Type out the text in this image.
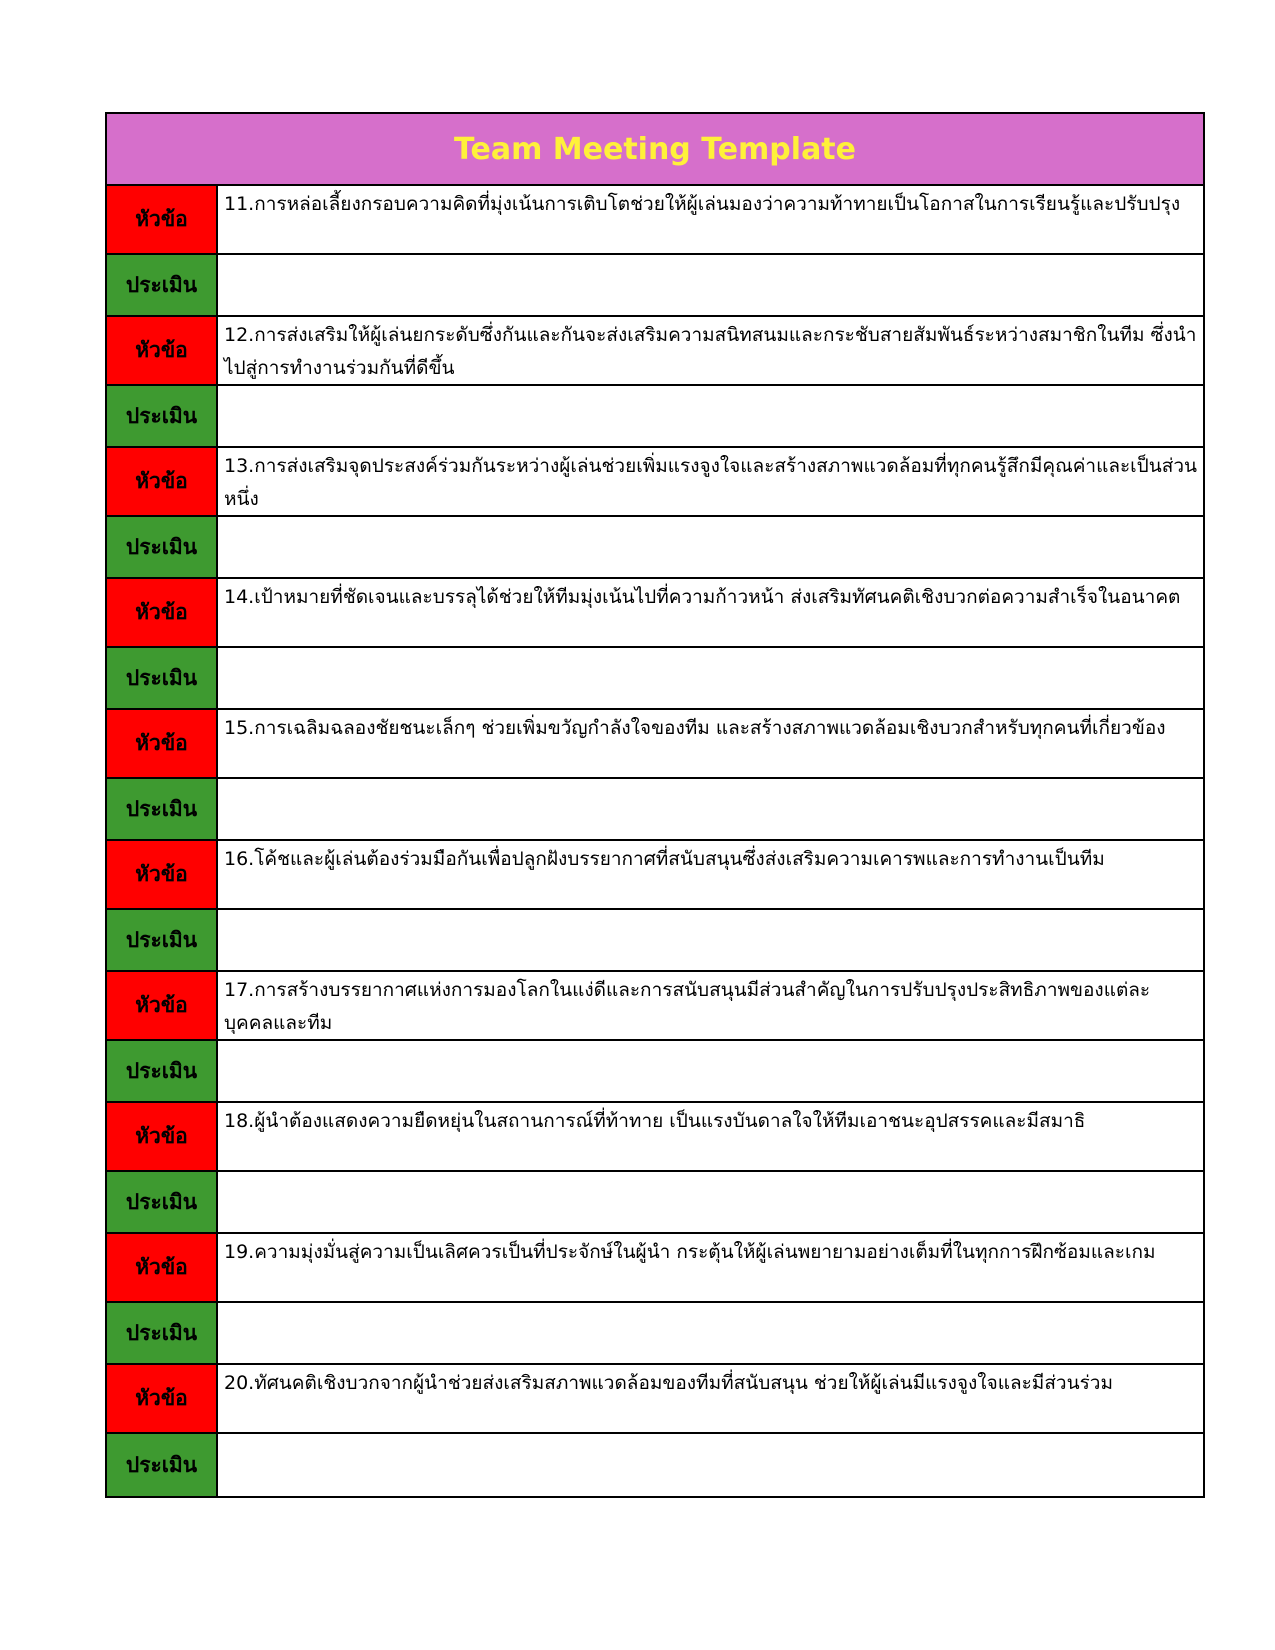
Team Meeting Template
หัวข้อ
11.การหล่อเลี้ยงกรอบความคิดที่มุ่งเน้นการเติบโตช่วยให้ผู้เล่นมองว่าความท้าทายเป็นโอกาสในการเรียนรู้และปรับปรุง
ประเมิน
หัวข้อ
12.การส่งเสริมให้ผู้เล่นยกระดับซึ่งกันและกันจะส่งเสริมความสนิทสนมและกระชับสายสัมพันธ์ระหว่างสมาชิกในทีม ซึ่งนำไปสู่การทำงานร่วมกันที่ดีขึ้น
ประเมิน
หัวข้อ
13.การส่งเสริมจุดประสงค์ร่วมกันระหว่างผู้เล่นช่วยเพิ่มแรงจูงใจและสร้างสภาพแวดล้อมที่ทุกคนรู้สึกมีคุณค่าและเป็นส่วนหนึ่ง
ประเมิน
หัวข้อ
14.เป้าหมายที่ชัดเจนและบรรลุได้ช่วยให้ทีมมุ่งเน้นไปที่ความก้าวหน้า ส่งเสริมทัศนคติเชิงบวกต่อความสำเร็จในอนาคต
ประเมิน
หัวข้อ
15.การเฉลิมฉลองชัยชนะเล็กๆ ช่วยเพิ่มขวัญกำลังใจของทีม และสร้างสภาพแวดล้อมเชิงบวกสำหรับทุกคนที่เกี่ยวข้อง
ประเมิน
หัวข้อ
16.โค้ชและผู้เล่นต้องร่วมมือกันเพื่อปลูกฝังบรรยากาศที่สนับสนุนซึ่งส่งเสริมความเคารพและการทำงานเป็นทีม
ประเมิน
หัวข้อ
17.การสร้างบรรยากาศแห่งการมองโลกในแง่ดีและการสนับสนุนมีส่วนสำคัญในการปรับปรุงประสิทธิภาพของแต่ละบุคคลและทีม
ประเมิน
หัวข้อ
18.ผู้นำต้องแสดงความยืดหยุ่นในสถานการณ์ที่ท้าทาย เป็นแรงบันดาลใจให้ทีมเอาชนะอุปสรรคและมีสมาธิ
ประเมิน
หัวข้อ
19.ความมุ่งมั่นสู่ความเป็นเลิศควรเป็นที่ประจักษ์ในผู้นำ กระตุ้นให้ผู้เล่นพยายามอย่างเต็มที่ในทุกการฝึกซ้อมและเกม
ประเมิน
หัวข้อ
20.ทัศนคติเชิงบวกจากผู้นำช่วยส่งเสริมสภาพแวดล้อมของทีมที่สนับสนุน ช่วยให้ผู้เล่นมีแรงจูงใจและมีส่วนร่วม
ประเมิน
